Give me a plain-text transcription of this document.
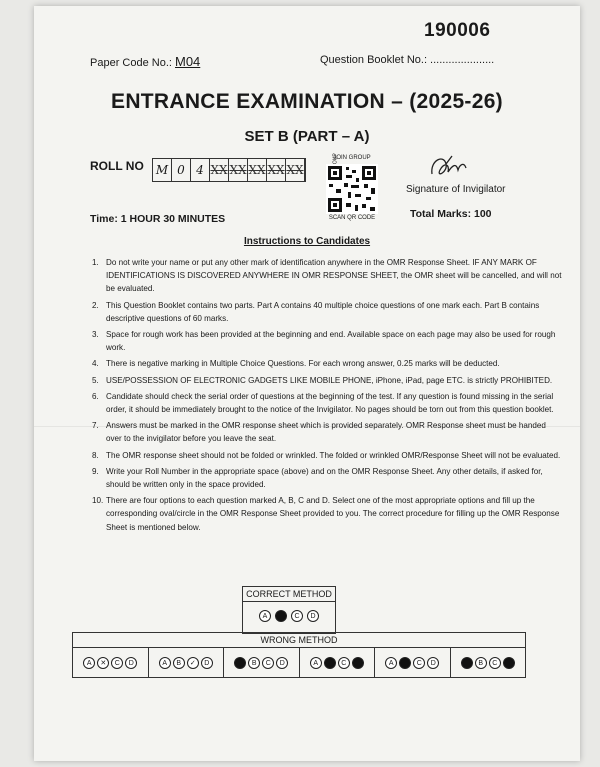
190006
Paper Code No.: M04	Question Booklet No.: .....................
ENTRANCE EXAMINATION – (2025-26)
SET B (PART – A)
ROLL NO M 0 4 XX XX XX XX XX
JOIN GROUP
SCAN QR CODE
Signature of Invigilator
Time: 1 HOUR 30 MINUTES	Total Marks: 100
Instructions to Candidates
1. Do not write your name or put any other mark of identification anywhere in the OMR Response Sheet. IF ANY MARK OF IDENTIFICATIONS IS DISCOVERED ANYWHERE IN OMR RESPONSE SHEET, the OMR sheet will be cancelled, and will not be evaluated.
2. This Question Booklet contains two parts. Part A contains 40 multiple choice questions of one mark each. Part B contains descriptive questions of 60 marks.
3. Space for rough work has been provided at the beginning and end. Available space on each page may also be used for rough work.
4. There is negative marking in Multiple Choice Questions. For each wrong answer, 0.25 marks will be deducted.
5. USE/POSSESSION OF ELECTRONIC GADGETS LIKE MOBILE PHONE, iPhone, iPad, page ETC. is strictly PROHIBITED.
6. Candidate should check the serial order of questions at the beginning of the test. If any question is found missing in the serial order, it should be immediately brought to the notice of the Invigilator. No pages should be torn out from this question booklet.
7. Answers must be marked in the OMR response sheet which is provided separately. OMR Response sheet must be handed over to the invigilator before you leave the seat.
8. The OMR response sheet should not be folded or wrinkled. The folded or wrinkled OMR/Response Sheet will not be evaluated.
9. Write your Roll Number in the appropriate space (above) and on the OMR Response Sheet. Any other details, if asked for, should be written only in the space provided.
10. There are four options to each question marked A, B, C and D. Select one of the most appropriate options and fill up the corresponding oval/circle in the OMR Response Sheet provided to you. The correct procedure for filling up the OMR Response Sheet is mentioned below.
CORRECT METHOD
A	C	D
WRONG METHOD
A	✕	C	D	A	B	✓	D	B	C	D	A	C	A	C	D	B	C
